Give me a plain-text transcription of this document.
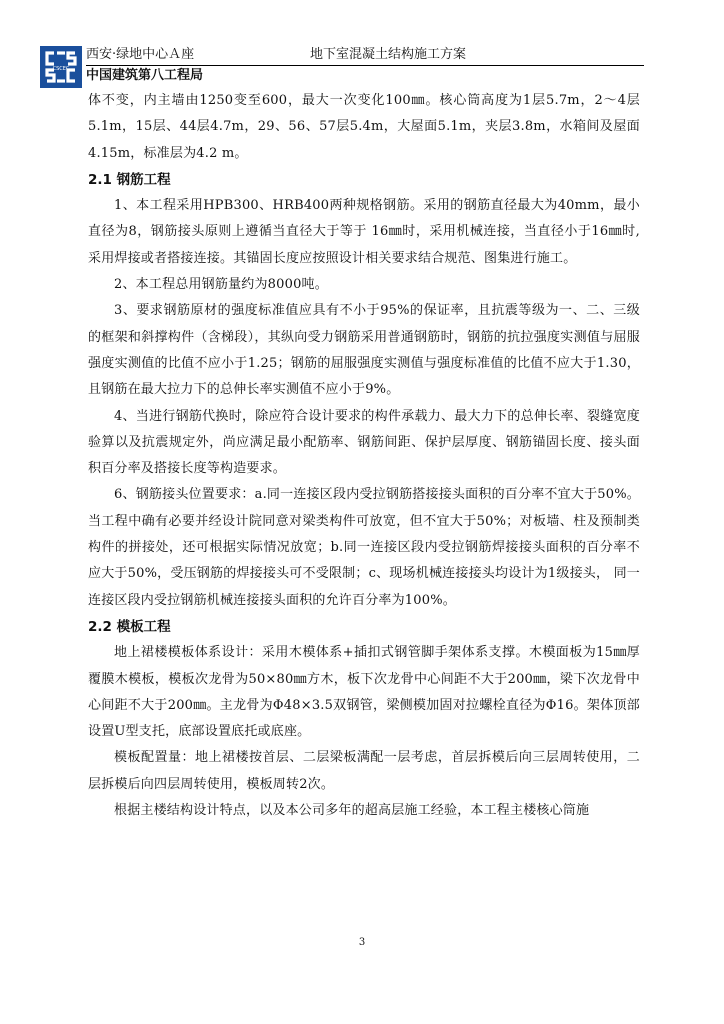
CSCEC
西安·绿地中心Ａ座	地下室混凝土结构施工方案
中国建筑第八工程局

体不变，内主墙由1250变至600，最大一次变化100㎜。核心筒高度为1层5.7m，2～4层5.1m，15层、44层4.7m，29、56、57层5.4m，大屋面5.1m，夹层3.8m，水箱间及屋面4.15m，标准层为4.2 m。

2.1 钢筋工程

1、本工程采用HPB300、HRB400两种规格钢筋。采用的钢筋直径最大为40mm，最小直径为8，钢筋接头原则上遵循当直径大于等于 16㎜时，采用机械连接，当直径小于16㎜时,采用焊接或者搭接连接。其锚固长度应按照设计相关要求结合规范、图集进行施工。

2、本工程总用钢筋量约为8000吨。

3、要求钢筋原材的强度标准值应具有不小于95%的保证率，且抗震等级为一、二、三级的框架和斜撑构件（含梯段），其纵向受力钢筋采用普通钢筋时，钢筋的抗拉强度实测值与屈服强度实测值的比值不应小于1.25；钢筋的屈服强度实测值与强度标准值的比值不应大于1.30，且钢筋在最大拉力下的总伸长率实测值不应小于9%。

4、当进行钢筋代换时，除应符合设计要求的构件承载力、最大力下的总伸长率、裂缝宽度验算以及抗震规定外，尚应满足最小配筋率、钢筋间距、保护层厚度、钢筋锚固长度、接头面积百分率及搭接长度等构造要求。

6、钢筋接头位置要求：a.同一连接区段内受拉钢筋搭接接头面积的百分率不宜大于50%。当工程中确有必要并经设计院同意对梁类构件可放宽，但不宜大于50%；对板墙、柱及预制类构件的拼接处，还可根据实际情况放宽；b.同一连接区段内受拉钢筋焊接接头面积的百分率不应大于50%，受压钢筋的焊接接头可不受限制；c、现场机械连接接头均设计为1级接头， 同一连接区段内受拉钢筋机械连接接头面积的允许百分率为100%。

2.2 模板工程

地上裙楼模板体系设计：采用木模体系+插扣式钢管脚手架体系支撑。木模面板为15㎜厚覆膜木模板，模板次龙骨为50×80㎜方木，板下次龙骨中心间距不大于200㎜，梁下次龙骨中心间距不大于200㎜。主龙骨为Φ48×3.5双钢管，梁侧模加固对拉螺栓直径为Φ16。架体顶部设置U型支托，底部设置底托或底座。

模板配置量：地上裙楼按首层、二层梁板满配一层考虑，首层拆模后向三层周转使用，二层拆模后向四层周转使用，模板周转2次。

根据主楼结构设计特点，以及本公司多年的超高层施工经验，本工程主楼核心筒施

3
